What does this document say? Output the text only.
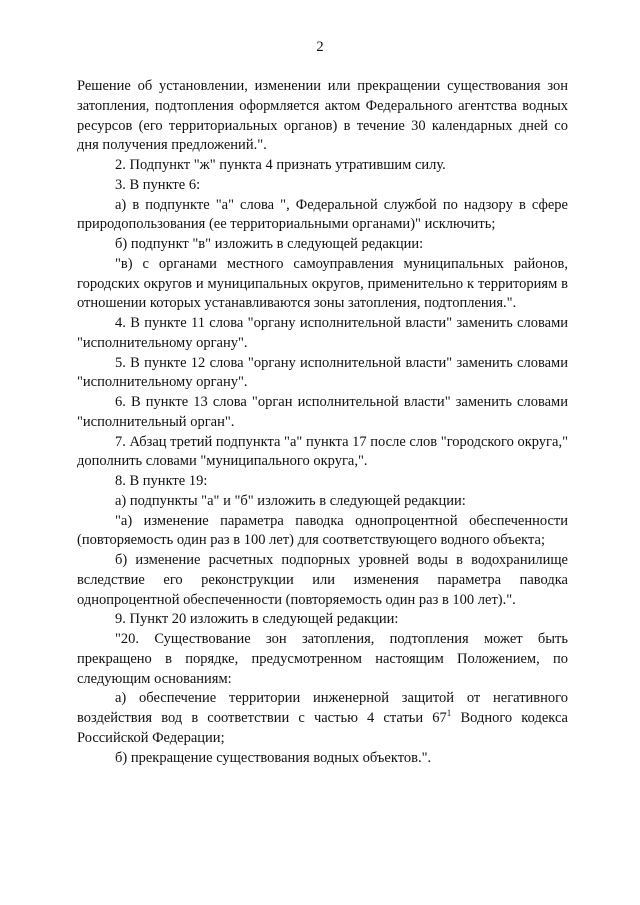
2

Решение об установлении, изменении или прекращении существования зон затопления, подтопления оформляется актом Федерального агентства водных ресурсов (его территориальных органов) в течение 30 календарных дней со дня получения предложений.".

2. Подпункт "ж" пункта 4 признать утратившим силу.

3. В пункте 6:

а) в подпункте "а" слова ", Федеральной службой по надзору в сфере природопользования (ее территориальными органами)" исключить;

б) подпункт "в" изложить в следующей редакции:

"в) с органами местного самоуправления муниципальных районов, городских округов и муниципальных округов, применительно к территориям в отношении которых устанавливаются зоны затопления, подтопления.".

4. В пункте 11 слова "органу исполнительной власти" заменить словами "исполнительному органу".

5. В пункте 12 слова "органу исполнительной власти" заменить словами "исполнительному органу".

6. В пункте 13 слова "орган исполнительной власти" заменить словами "исполнительный орган".

7. Абзац третий подпункта "а" пункта 17 после слов "городского округа," дополнить словами "муниципального округа,".

8. В пункте 19:

а) подпункты "а" и "б" изложить в следующей редакции:

"а) изменение параметра паводка однопроцентной обеспеченности (повторяемость один раз в 100 лет) для соответствующего водного объекта;

б) изменение расчетных подпорных уровней воды в водохранилище вследствие его реконструкции или изменения параметра паводка однопроцентной обеспеченности (повторяемость один раз в 100 лет).".

9. Пункт 20 изложить в следующей редакции:

"20. Существование зон затопления, подтопления может быть прекращено в порядке, предусмотренном настоящим Положением, по следующим основаниям:

а) обеспечение территории инженерной защитой от негативного воздействия вод в соответствии с частью 4 статьи $67^1$ Водного кодекса Российской Федерации;

б) прекращение существования водных объектов.".
